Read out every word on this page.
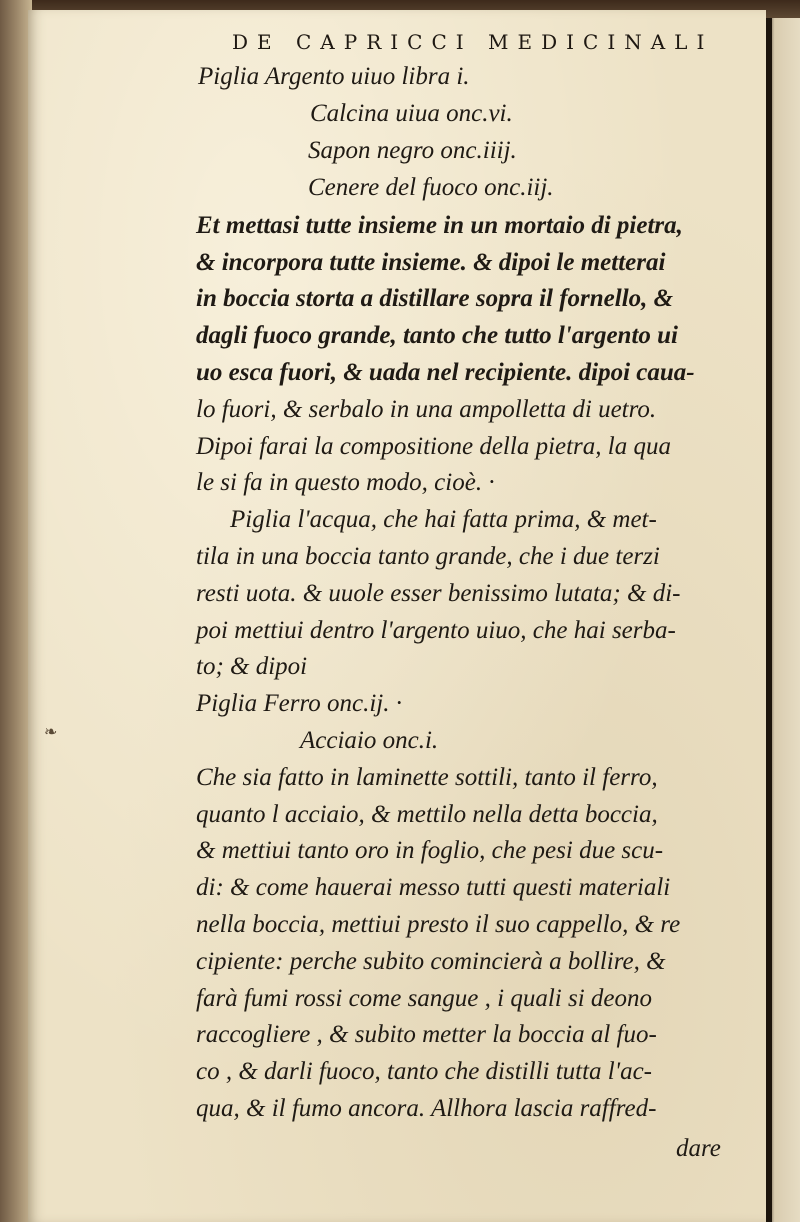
DE CAPRICCI MEDICINALI
Piglia Argento uiuo libra i.
Calcina uiua onc.vi.
Sapon negro onc.iiij.
Cenere del fuoco onc.iij.
Et mettasi tutte insieme in un mortaio di pietra,
& incorpora tutte insieme. & dipoi le metterai
in boccia storta a distillare sopra il fornello, &
dagli fuoco grande, tanto che tutto l'argento ui
uo esca fuori, & uada nel recipiente. dipoi caua-
lo fuori, & serbalo in una ampolletta di uetro.
Dipoi farai la compositione della pietra, la qua
le si fa in questo modo, cioè. ·
Piglia l'acqua, che hai fatta prima, & met-
tila in una boccia tanto grande, che i due terzi
resti uota. & uuole esser benissimo lutata; & di-
poi mettiui dentro l'argento uiuo, che hai serba-
to; & dipoi
Piglia Ferro onc.ij. ·
Acciaio onc.i.
Che sia fatto in laminette sottili, tanto il ferro,
quanto l acciaio, & mettilo nella detta boccia,
& mettiui tanto oro in foglio, che pesi due scu-
di: & come hauerai messo tutti questi materiali
nella boccia, mettiui presto il suo cappello, & re
cipiente: perche subito comincierà a bollire, &
farà fumi rossi come sangue , i quali si deono
raccogliere , & subito metter la boccia al fuo-
co , & darli fuoco, tanto che distilli tutta l'ac-
qua, & il fumo ancora. Allhora lascia raffred-
dare
❧
